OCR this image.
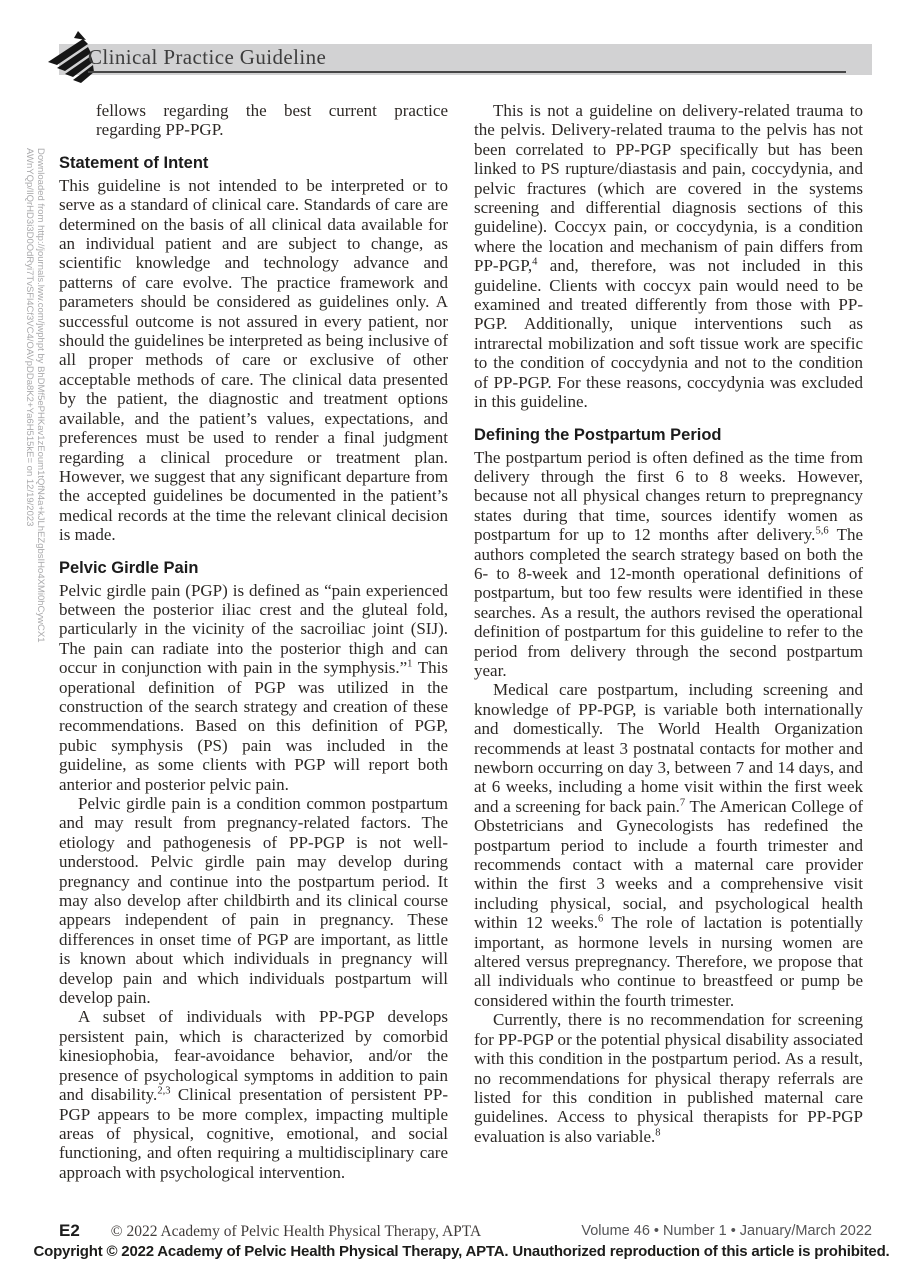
Downloaded from http://journals.lww.com/jwphpt by BhDMf5ePHKav1zEoum1tQfN4a+kJLhEZgbsIHo4XMi0hCywCX1
AWnYQp/IlQrHD3i3D0OdRyi7TvSFl4Cf3VC4/OAVpDDa8K2+Ya6H515kE= on 12/19/2023
Clinical Practice Guideline

fellows regarding the best current practice regarding PP-PGP.

Statement of Intent

This guideline is not intended to be interpreted or to serve as a standard of clinical care. Standards of care are determined on the basis of all clinical data available for an individual patient and are subject to change, as scientific knowledge and technology advance and patterns of care evolve. The practice framework and parameters should be considered as guidelines only. A successful outcome is not assured in every patient, nor should the guidelines be interpreted as being inclusive of all proper methods of care or exclusive of other acceptable methods of care. The clinical data presented by the patient, the diagnostic and treatment options available, and the patient’s values, expectations, and preferences must be used to render a final judgment regarding a clinical procedure or treatment plan. However, we suggest that any significant departure from the accepted guidelines be documented in the patient’s medical records at the time the relevant clinical decision is made.

Pelvic Girdle Pain

Pelvic girdle pain (PGP) is defined as “pain experienced between the posterior iliac crest and the gluteal fold, particularly in the vicinity of the sacroiliac joint (SIJ). The pain can radiate into the posterior thigh and can occur in conjunction with pain in the symphysis.”$^1$ This operational definition of PGP was utilized in the construction of the search strategy and creation of these recommendations. Based on this definition of PGP, pubic symphysis (PS) pain was included in the guideline, as some clients with PGP will report both anterior and posterior pelvic pain.

Pelvic girdle pain is a condition common postpartum and may result from pregnancy-related factors. The etiology and pathogenesis of PP-PGP is not well-understood. Pelvic girdle pain may develop during pregnancy and continue into the postpartum period. It may also develop after childbirth and its clinical course appears independent of pain in pregnancy. These differences in onset time of PGP are important, as little is known about which individuals in pregnancy will develop pain and which individuals postpartum will develop pain.

A subset of individuals with PP-PGP develops persistent pain, which is characterized by comorbid kinesiophobia, fear-avoidance behavior, and/or the presence of psychological symptoms in addition to pain and disability.$^{2,3}$ Clinical presentation of persistent PP-PGP appears to be more complex, impacting multiple areas of physical, cognitive, emotional, and social functioning, and often requiring a multidisciplinary care approach with psychological intervention.

This is not a guideline on delivery-related trauma to the pelvis. Delivery-related trauma to the pelvis has not been correlated to PP-PGP specifically but has been linked to PS rupture/diastasis and pain, coccydynia, and pelvic fractures (which are covered in the systems screening and differential diagnosis sections of this guideline). Coccyx pain, or coccydynia, is a condition where the location and mechanism of pain differs from PP-PGP,$^4$ and, therefore, was not included in this guideline. Clients with coccyx pain would need to be examined and treated differently from those with PP-PGP. Additionally, unique interventions such as intrarectal mobilization and soft tissue work are specific to the condition of coccydynia and not to the condition of PP-PGP. For these reasons, coccydynia was excluded in this guideline.

Defining the Postpartum Period

The postpartum period is often defined as the time from delivery through the first 6 to 8 weeks. However, because not all physical changes return to prepregnancy states during that time, sources identify women as postpartum for up to 12 months after delivery.$^{5,6}$ The authors completed the search strategy based on both the 6- to 8-week and 12-month operational definitions of postpartum, but too few results were identified in these searches. As a result, the authors revised the operational definition of postpartum for this guideline to refer to the period from delivery through the second postpartum year.

Medical care postpartum, including screening and knowledge of PP-PGP, is variable both internationally and domestically. The World Health Organization recommends at least 3 postnatal contacts for mother and newborn occurring on day 3, between 7 and 14 days, and at 6 weeks, including a home visit within the first week and a screening for back pain.$^7$ The American College of Obstetricians and Gynecologists has redefined the postpartum period to include a fourth trimester and recommends contact with a maternal care provider within the first 3 weeks and a comprehensive visit including physical, social, and psychological health within 12 weeks.$^6$ The role of lactation is potentially important, as hormone levels in nursing women are altered versus prepregnancy. Therefore, we propose that all individuals who continue to breastfeed or pump be considered within the fourth trimester.

Currently, there is no recommendation for screening for PP-PGP or the potential physical disability associated with this condition in the postpartum period. As a result, no recommendations for physical therapy referrals are listed for this condition in published maternal care guidelines. Access to physical therapists for PP-PGP evaluation is also variable.$^8$

E2 © 2022 Academy of Pelvic Health Physical Therapy, APTA	Volume 46 • Number 1 • January/March 2022
Copyright © 2022 Academy of Pelvic Health Physical Therapy, APTA. Unauthorized reproduction of this article is prohibited.
